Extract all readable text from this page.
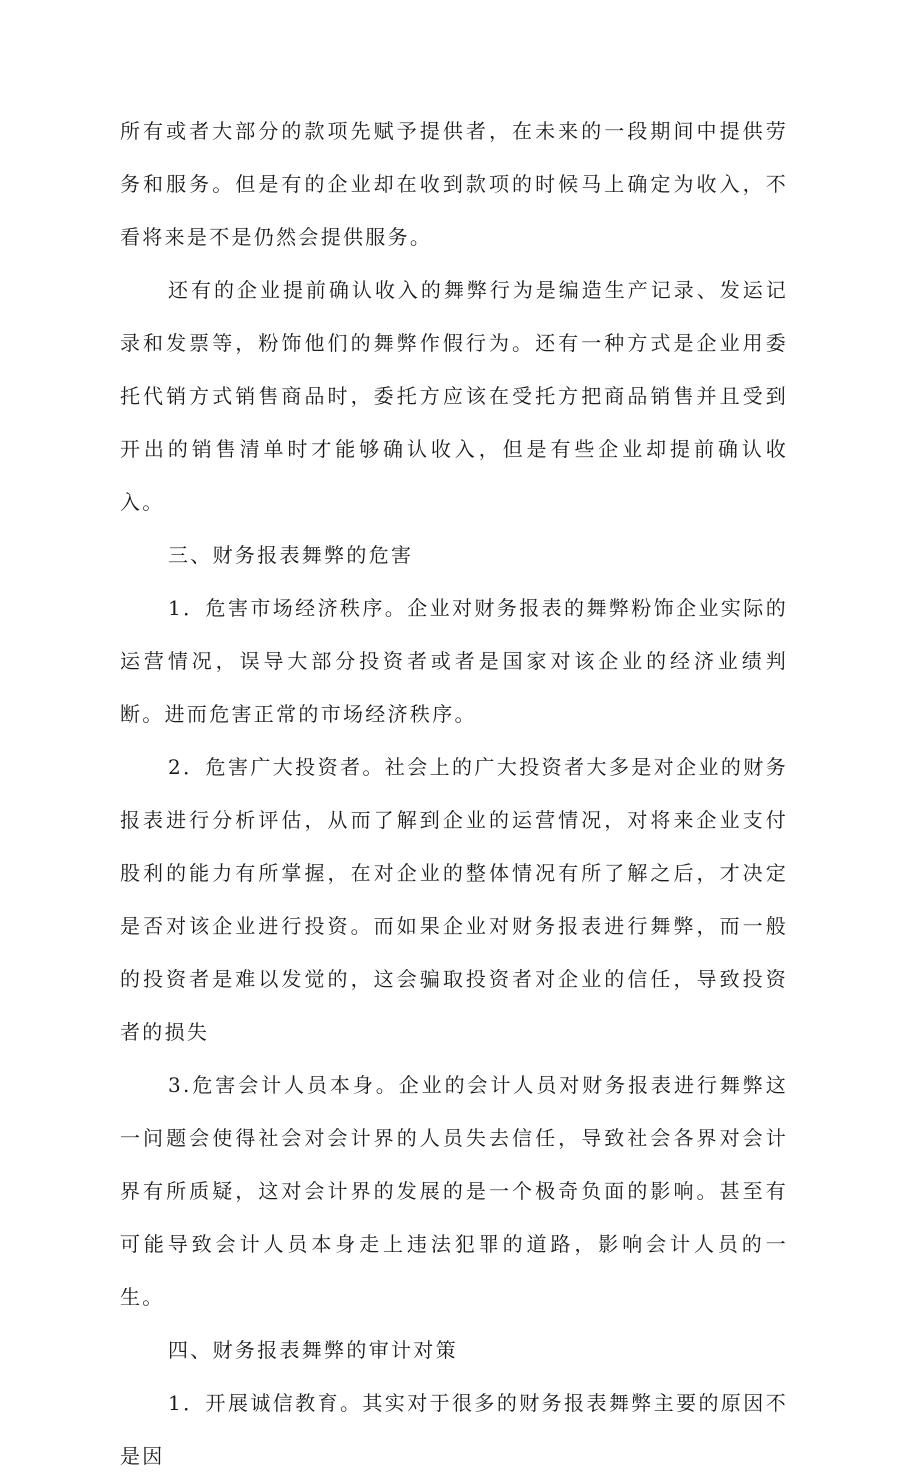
所有或者大部分的款项先赋予提供者，在未来的一段期间中提供劳务和服务。但是有的企业却在收到款项的时候马上确定为收入，不看将来是不是仍然会提供服务。

还有的企业提前确认收入的舞弊行为是编造生产记录、发运记录和发票等，粉饰他们的舞弊作假行为。还有一种方式是企业用委托代销方式销售商品时，委托方应该在受托方把商品销售并且受到开出的销售清单时才能够确认收入，但是有些企业却提前确认收入。

三、财务报表舞弊的危害

1．危害市场经济秩序。企业对财务报表的舞弊粉饰企业实际的运营情况，误导大部分投资者或者是国家对该企业的经济业绩判断。进而危害正常的市场经济秩序。

2．危害广大投资者。社会上的广大投资者大多是对企业的财务报表进行分析评估，从而了解到企业的运营情况，对将来企业支付股利的能力有所掌握，在对企业的整体情况有所了解之后，才决定是否对该企业进行投资。而如果企业对财务报表进行舞弊，而一般的投资者是难以发觉的，这会骗取投资者对企业的信任，导致投资者的损失

3.危害会计人员本身。企业的会计人员对财务报表进行舞弊这一问题会使得社会对会计界的人员失去信任，导致社会各界对会计界有所质疑，这对会计界的发展的是一个极奇负面的影响。甚至有可能导致会计人员本身走上违法犯罪的道路，影响会计人员的一生。

四、财务报表舞弊的审计对策

1．开展诚信教育。其实对于很多的财务报表舞弊主要的原因不是因
